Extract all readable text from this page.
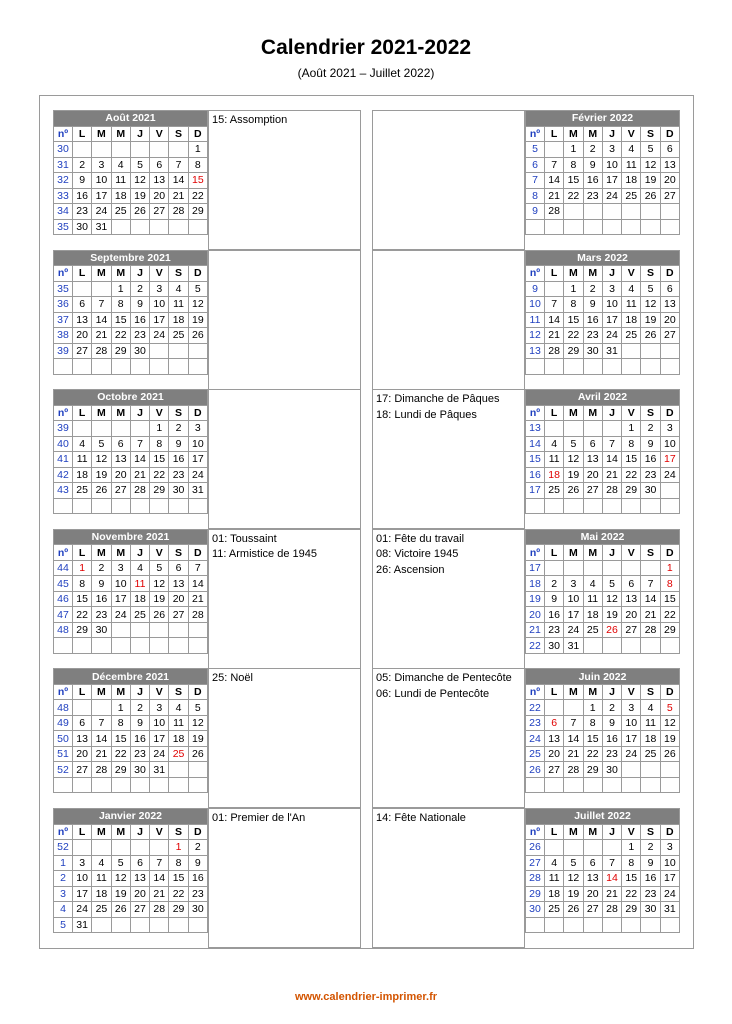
Calendrier 2021-2022
(Août 2021 – Juillet 2022)
Août 2021							
nº	L	M	M	J	V	S	D
30							1
31	2	3	4	5	6	7	8
32	9	10	11	12	13	14	15
33	16	17	18	19	20	21	22
34	23	24	25	26	27	28	29
35	30	31					
15: Assomption	Février 2022							
nº	L	M	M	J	V	S	D
5		1	2	3	4	5	6
6	7	8	9	10	11	12	13
7	14	15	16	17	18	19	20
8	21	22	23	24	25	26	27
9	28						

Septembre 2021							
nº	L	M	M	J	V	S	D
35			1	2	3	4	5
36	6	7	8	9	10	11	12
37	13	14	15	16	17	18	19
38	20	21	22	23	24	25	26
39	27	28	29	30			

Mars 2022							
nº	L	M	M	J	V	S	D
9		1	2	3	4	5	6
10	7	8	9	10	11	12	13
11	14	15	16	17	18	19	20
12	21	22	23	24	25	26	27
13	28	29	30	31			

Octobre 2021							
nº	L	M	M	J	V	S	D
39					1	2	3
40	4	5	6	7	8	9	10
41	11	12	13	14	15	16	17
42	18	19	20	21	22	23	24
43	25	26	27	28	29	30	31

Avril 2022							
nº	L	M	M	J	V	S	D
13					1	2	3
14	4	5	6	7	8	9	10
15	11	12	13	14	15	16	17
16	18	19	20	21	22	23	24
17	25	26	27	28	29	30	

17: Dimanche de Pâques
18: Lundi de Pâques
Novembre 2021							
nº	L	M	M	J	V	S	D
44	1	2	3	4	5	6	7
45	8	9	10	11	12	13	14
46	15	16	17	18	19	20	21
47	22	23	24	25	26	27	28
48	29	30					

01: Toussaint
11: Armistice de 1945
Mai 2022							
nº	L	M	M	J	V	S	D
17							1
18	2	3	4	5	6	7	8
19	9	10	11	12	13	14	15
20	16	17	18	19	20	21	22
21	23	24	25	26	27	28	29
22	30	31					
01: Fête du travail
08: Victoire 1945
26: Ascension
Décembre 2021							
nº	L	M	M	J	V	S	D
48			1	2	3	4	5
49	6	7	8	9	10	11	12
50	13	14	15	16	17	18	19
51	20	21	22	23	24	25	26
52	27	28	29	30	31		

25: Noël	Juin 2022							
nº	L	M	M	J	V	S	D
22			1	2	3	4	5
23	6	7	8	9	10	11	12
24	13	14	15	16	17	18	19
25	20	21	22	23	24	25	26
26	27	28	29	30			

05: Dimanche de Pentecôte
06: Lundi de Pentecôte
Janvier 2022							
nº	L	M	M	J	V	S	D
52						1	2
1	3	4	5	6	7	8	9
2	10	11	12	13	14	15	16
3	17	18	19	20	21	22	23
4	24	25	26	27	28	29	30
5	31						
01: Premier de l'An	Juillet 2022							
nº	L	M	M	J	V	S	D
26					1	2	3
27	4	5	6	7	8	9	10
28	11	12	13	14	15	16	17
29	18	19	20	21	22	23	24
30	25	26	27	28	29	30	31

14: Fête Nationale
www.calendrier-imprimer.fr
